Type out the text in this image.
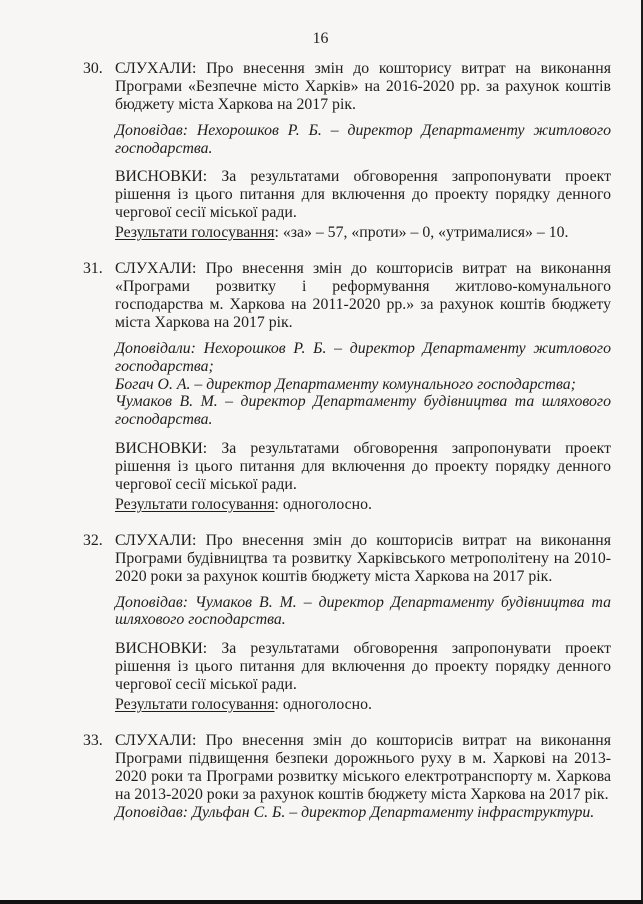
16
30. СЛУХАЛИ: Про внесення змін до кошторису витрат на виконання Програми «Безпечне місто Харків» на 2016-2020 рр. за рахунок коштів бюджету міста Харкова на 2017 рік.

Доповідав: Нехорошков Р. Б. – директор Департаменту житлового господарства.

ВИСНОВКИ: За результатами обговорення запропонувати проект рішення із цього питання для включення до проекту порядку денного чергової сесії міської ради.

Результати голосування: «за» – 57, «проти» – 0, «утрималися» – 10.

31. СЛУХАЛИ: Про внесення змін до кошторисів витрат на виконання «Програми розвитку і реформування житлово-комунального господарства м. Харкова на 2011-2020 рр.» за рахунок коштів бюджету міста Харкова на 2017 рік.

Доповідали: Нехорошков Р. Б. – директор Департаменту житлового господарства;

Богач О. А. – директор Департаменту комунального господарства;

Чумаков В. М. – директор Департаменту будівництва та шляхового господарства.

ВИСНОВКИ: За результатами обговорення запропонувати проект рішення із цього питання для включення до проекту порядку денного чергової сесії міської ради.

Результати голосування: одноголосно.

32. СЛУХАЛИ: Про внесення змін до кошторисів витрат на виконання Програми будівництва та розвитку Харківського метрополітену на 2010-2020 роки за рахунок коштів бюджету міста Харкова на 2017 рік.

Доповідав: Чумаков В. М. – директор Департаменту будівництва та шляхового господарства.

ВИСНОВКИ: За результатами обговорення запропонувати проект рішення із цього питання для включення до проекту порядку денного чергової сесії міської ради.

Результати голосування: одноголосно.

33. СЛУХАЛИ: Про внесення змін до кошторисів витрат на виконання Програми підвищення безпеки дорожнього руху в м. Харкові на 2013-2020 роки та Програми розвитку міського електротранспорту м. Харкова на 2013-2020 роки за рахунок коштів бюджету міста Харкова на 2017 рік.

Доповідав: Дульфан С. Б. – директор Департаменту інфраструктури.
